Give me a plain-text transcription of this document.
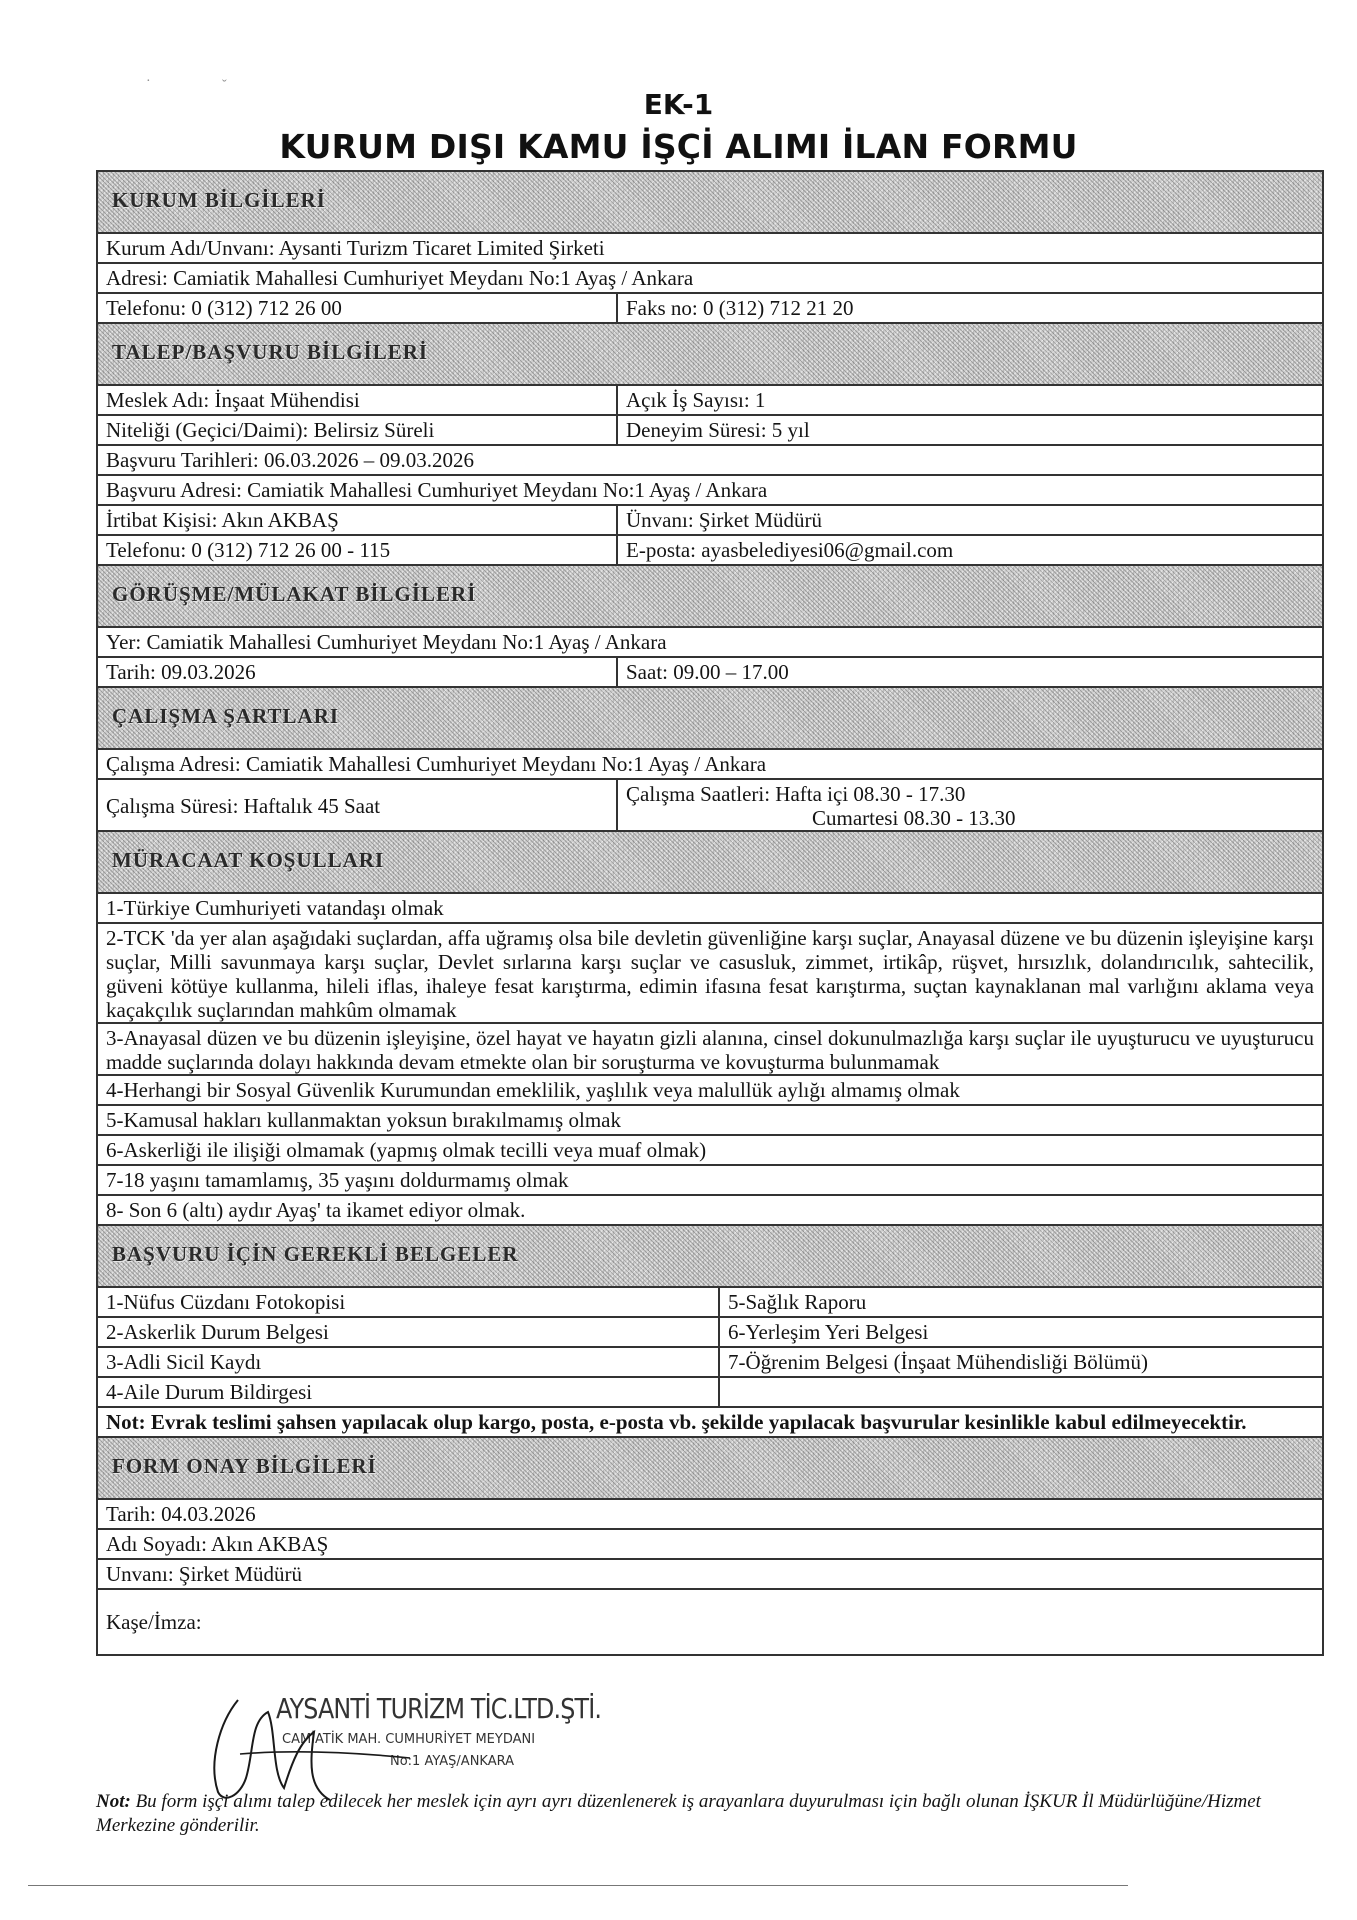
·	ˇ
EK-1
KURUM DIŞI KAMU İŞÇİ ALIMI İLAN FORMU
KURUM BİLGİLERİ
Kurum Adı/Unvanı: Aysanti Turizm Ticaret Limited Şirketi
Adresi: Camiatik Mahallesi Cumhuriyet Meydanı No:1 Ayaş / Ankara
Telefonu: 0 (312) 712 26 00	Faks no: 0 (312) 712 21 20
TALEP/BAŞVURU BİLGİLERİ
Meslek Adı: İnşaat Mühendisi	Açık İş Sayısı: 1
Niteliği (Geçici/Daimi): Belirsiz Süreli	Deneyim Süresi: 5 yıl
Başvuru Tarihleri: 06.03.2026 – 09.03.2026
Başvuru Adresi: Camiatik Mahallesi Cumhuriyet Meydanı No:1 Ayaş / Ankara
İrtibat Kişisi: Akın AKBAŞ	Ünvanı: Şirket Müdürü
Telefonu: 0 (312) 712 26 00 - 115	E-posta: ayasbelediyesi06@gmail.com
GÖRÜŞME/MÜLAKAT BİLGİLERİ
Yer: Camiatik Mahallesi Cumhuriyet Meydanı No:1 Ayaş / Ankara
Tarih: 09.03.2026	Saat: 09.00 – 17.00
ÇALIŞMA ŞARTLARI
Çalışma Adresi: Camiatik Mahallesi Cumhuriyet Meydanı No:1 Ayaş / Ankara
Çalışma Süresi: Haftalık 45 Saat	Çalışma Saatleri: Hafta içi 08.30 - 17.30
Cumartesi 08.30 - 13.30
MÜRACAAT KOŞULLARI
1-Türkiye Cumhuriyeti vatandaşı olmak
2-TCK 'da yer alan aşağıdaki suçlardan, affa uğramış olsa bile devletin güvenliğine karşı suçlar, Anayasal düzene ve bu düzenin işleyişine karşı suçlar, Milli savunmaya karşı suçlar, Devlet sırlarına karşı suçlar ve casusluk, zimmet, irtikâp, rüşvet, hırsızlık, dolandırıcılık, sahtecilik, güveni kötüye kullanma, hileli iflas, ihaleye fesat karıştırma, edimin ifasına fesat karıştırma, suçtan kaynaklanan mal varlığını aklama veya kaçakçılık suçlarından mahkûm olmamak
3-Anayasal düzen ve bu düzenin işleyişine, özel hayat ve hayatın gizli alanına, cinsel dokunulmazlığa karşı suçlar ile uyuşturucu ve uyuşturucu madde suçlarında dolayı hakkında devam etmekte olan bir soruşturma ve kovuşturma bulunmamak
4-Herhangi bir Sosyal Güvenlik Kurumundan emeklilik, yaşlılık veya malullük aylığı almamış olmak
5-Kamusal hakları kullanmaktan yoksun bırakılmamış olmak
6-Askerliği ile ilişiği olmamak (yapmış olmak tecilli veya muaf olmak)
7-18 yaşını tamamlamış, 35 yaşını doldurmamış olmak
8- Son 6 (altı) aydır Ayaş' ta ikamet ediyor olmak.
BAŞVURU İÇİN GEREKLİ BELGELER
1-Nüfus Cüzdanı Fotokopisi	5-Sağlık Raporu
2-Askerlik Durum Belgesi	6-Yerleşim Yeri Belgesi
3-Adli Sicil Kaydı	7-Öğrenim Belgesi (İnşaat Mühendisliği Bölümü)
4-Aile Durum Bildirgesi
Not: Evrak teslimi şahsen yapılacak olup kargo, posta, e-posta vb. şekilde yapılacak başvurular kesinlikle kabul edilmeyecektir.
FORM ONAY BİLGİLERİ
Tarih: 04.03.2026
Adı Soyadı: Akın AKBAŞ
Unvanı: Şirket Müdürü
Kaşe/İmza:
AYSANTİ TURİZM TİC.LTD.ŞTİ.
CAMİATİK MAH. CUMHURİYET MEYDANI
No:1 AYAŞ/ANKARA
Not: Bu form işçi alımı talep edilecek her meslek için ayrı ayrı düzenlenerek iş arayanlara duyurulması için bağlı olunan İŞKUR İl Müdürlüğüne/Hizmet Merkezine gönderilir.
